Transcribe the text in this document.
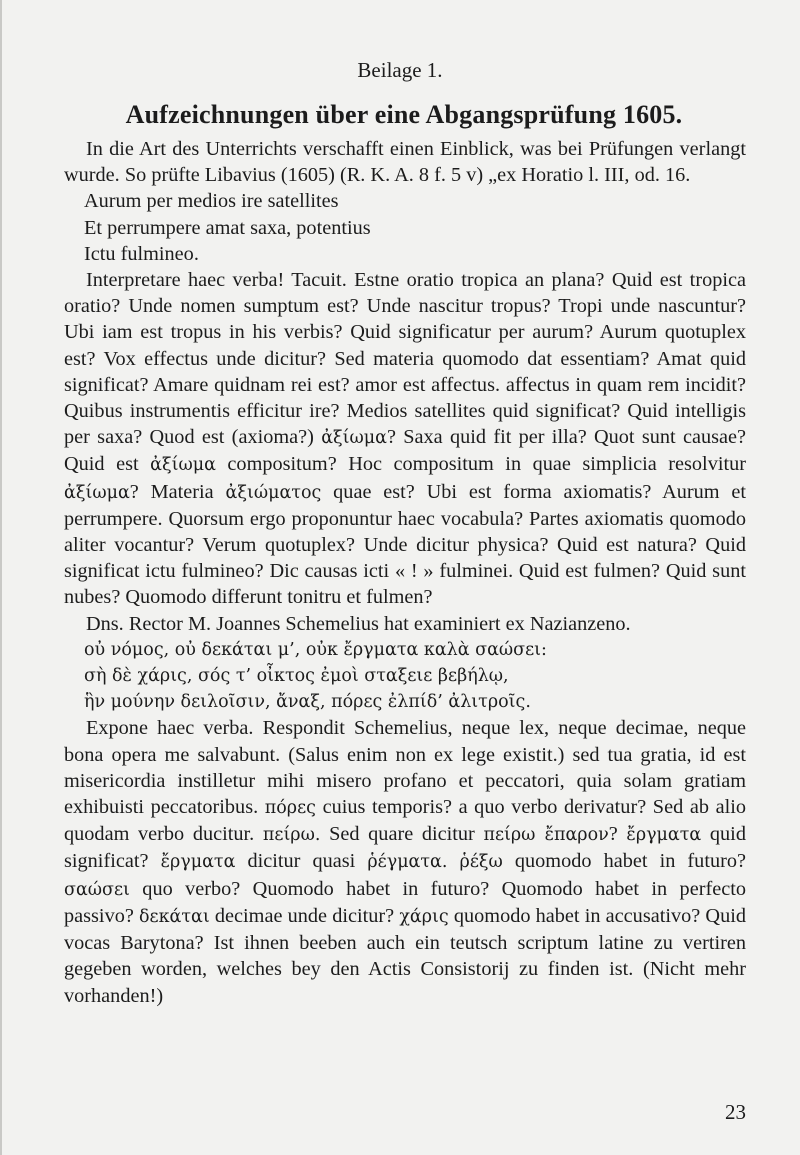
Beilage 1.
Aufzeichnungen über eine Abgangsprüfung 1605.

In die Art des Unterrichts verschafft einen Einblick, was bei Prüfungen verlangt wurde. So prüfte Libavius (1605) (R. K. A. 8 f. 5 v) „ex Horatio l. III, od. 16.

Aurum per medios ire satellites

Et perrumpere amat saxa, potentius

Ictu fulmineo.

Interpretare haec verba! Tacuit. Estne oratio tropica an plana? Quid est tropica oratio? Unde nomen sumptum est? Unde nascitur tropus? Tropi unde nascuntur? Ubi iam est tropus in his verbis? Quid significatur per aurum? Aurum quotuplex est? Vox effectus unde dicitur? Sed materia quomodo dat essentiam? Amat quid significat? Amare quidnam rei est? amor est affectus. affectus in quam rem incidit? Quibus instrumentis efficitur ire? Medios satellites quid significat? Quid intelligis per saxa? Quod est (axioma?) ἀξίωμα? Saxa quid fit per illa? Quot sunt causae? Quid est ἀξίωμα compositum? Hoc compositum in quae simplicia resolvitur ἀξίωμα? Materia ἀξιώματος quae est? Ubi est forma axiomatis? Aurum et perrumpere. Quorsum ergo proponuntur haec vocabula? Partes axiomatis quomodo aliter vocantur? Verum quotuplex? Unde dicitur physica? Quid est natura? Quid significat ictu fulmineo? Dic causas icti « ! » fulminei. Quid est fulmen? Quid sunt nubes? Quomodo differunt tonitru et fulmen?

Dns. Rector M. Joannes Schemelius hat examiniert ex Nazianzeno.

οὐ νόμος, οὐ δεκάται μ’, οὐκ ἔργματα καλὰ σαώσει:

σὴ δὲ χάρις, σός τ’ οἶκτος ἐμοὶ σταξειε βεβήλῳ,

ἣν μούνην δειλοῖσιν, ἄναξ, πόρες ἐλπίδ’ ἀλιτροῖς.

Expone haec verba. Respondit Schemelius, neque lex, neque decimae, neque bona opera me salvabunt. (Salus enim non ex lege existit.) sed tua gratia, id est misericordia instilletur mihi misero profano et peccatori, quia solam gratiam exhibuisti peccatoribus. πόρες cuius temporis? a quo verbo derivatur? Sed ab alio quodam verbo ducitur. πείρω. Sed quare dicitur πείρω ἔπαρον? ἔργματα quid significat? ἔργματα dicitur quasi ῥέγματα. ῥέξω quomodo habet in futuro? σαώσει quo verbo? Quomodo habet in futuro? Quomodo habet in perfecto passivo? δεκάται decimae unde dicitur? χάρις quomodo habet in accusativo? Quid vocas Barytona? Ist ihnen beeben auch ein teutsch scriptum latine zu vertiren gegeben worden, welches bey den Actis Consistorij zu finden ist. (Nicht mehr vorhanden!)

23
